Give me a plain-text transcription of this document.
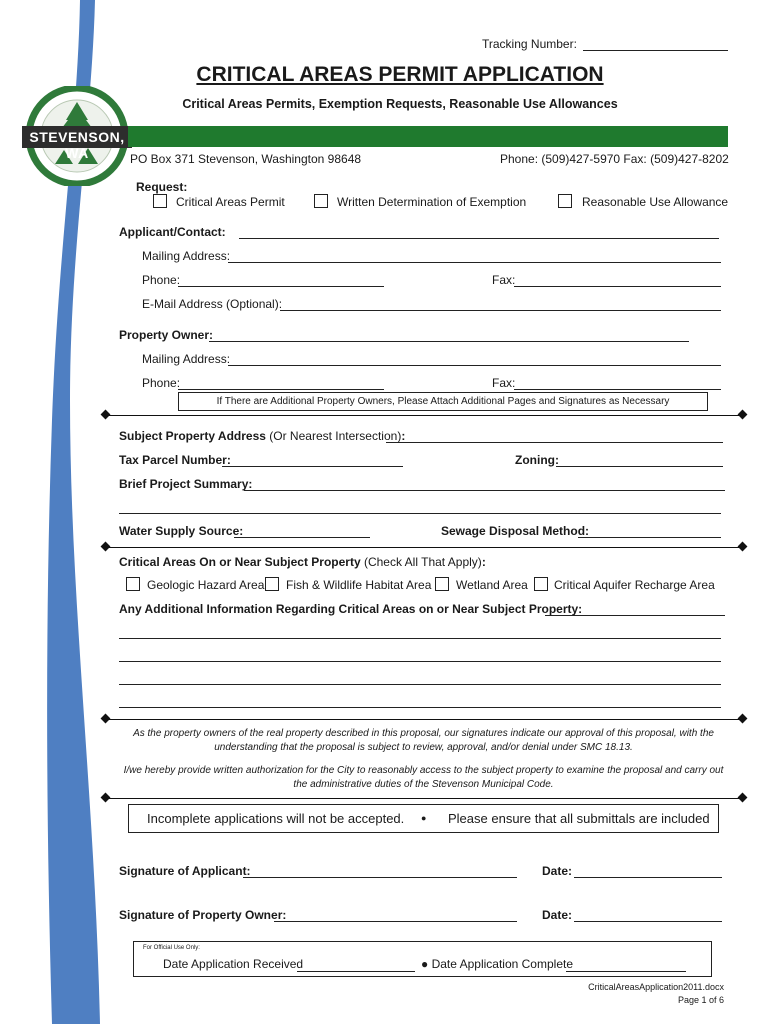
STEVENSON, WA
Tracking Number:
CRITICAL AREAS PERMIT APPLICATION
Critical Areas Permits, Exemption Requests, Reasonable Use Allowances
PO Box 371 Stevenson, Washington 98648	Phone: (509)427-5970 Fax: (509)427-8202
Request:
Critical Areas Permit	Written Determination of Exemption	Reasonable Use Allowance
Applicant/Contact:
Mailing Address:
Phone:	Fax:
E-Mail Address (Optional):
Property Owner:
Mailing Address:
Phone:	Fax:
If There are Additional Property Owners, Please Attach Additional Pages and Signatures as Necessary
Subject Property Address (Or Nearest Intersection):
Tax Parcel Number:	Zoning:
Brief Project Summary:
Water Supply Source:	Sewage Disposal Method:
Critical Areas On or Near Subject Property (Check All That Apply):
Geologic Hazard Area Fish & Wildlife Habitat Area Wetland Area Critical Aquifer Recharge Area
Any Additional Information Regarding Critical Areas on or Near Subject Property:
As the property owners of the real property described in this proposal, our signatures indicate our approval of this proposal, with the understanding that the proposal is subject to review, approval, and/or denial under SMC 18.13.
I/we hereby provide written authorization for the City to reasonably access to the subject property to examine the proposal and carry out the administrative duties of the Stevenson Municipal Code.
Incomplete applications will not be accepted. ● Please ensure that all submittals are included
Signature of Applicant:	Date:
Signature of Property Owner:	Date:
For Official Use Only:
Date Application Received	● Date Application Complete
CriticalAreasApplication2011.docx
Page 1 of 6
